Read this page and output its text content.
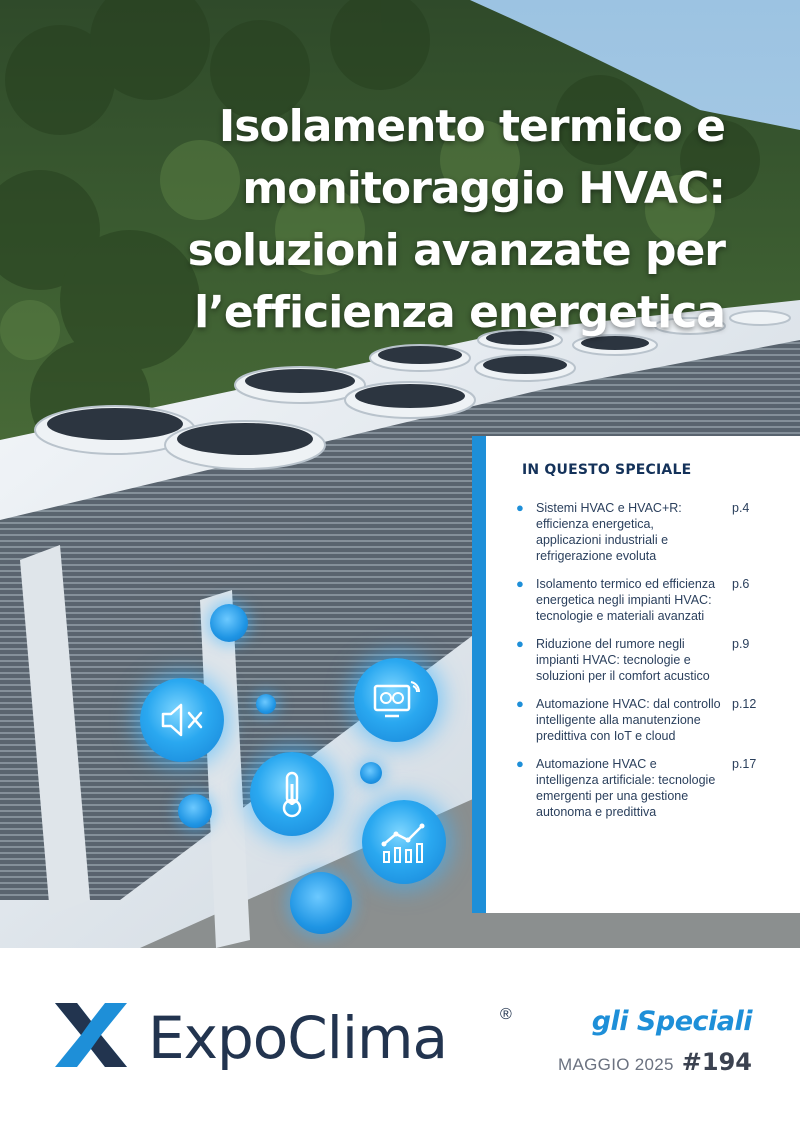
Isolamento termico e
monitoraggio HVAC:
soluzioni avanzate per
l’efficienza energetica
IN QUESTO SPECIALE
● Sistemi HVAC e HVAC+R: efficienza energetica, applicazioni industriali e refrigerazione evoluta
p.4
● Isolamento termico ed efficienza energetica negli impianti HVAC: tecnologie e materiali avanzati
p.6
● Riduzione del rumore negli impianti HVAC: tecnologie e soluzioni per il comfort acustico
p.9
● Automazione HVAC: dal controllo intelligente alla manutenzione predittiva con IoT e cloud
p.12
● Automazione HVAC e intelligenza artificiale: tecnologie emergenti per una gestione autonoma e predittiva
p.17
ExpoClima	®	gli Speciali
MAGGIO 2025 #194
